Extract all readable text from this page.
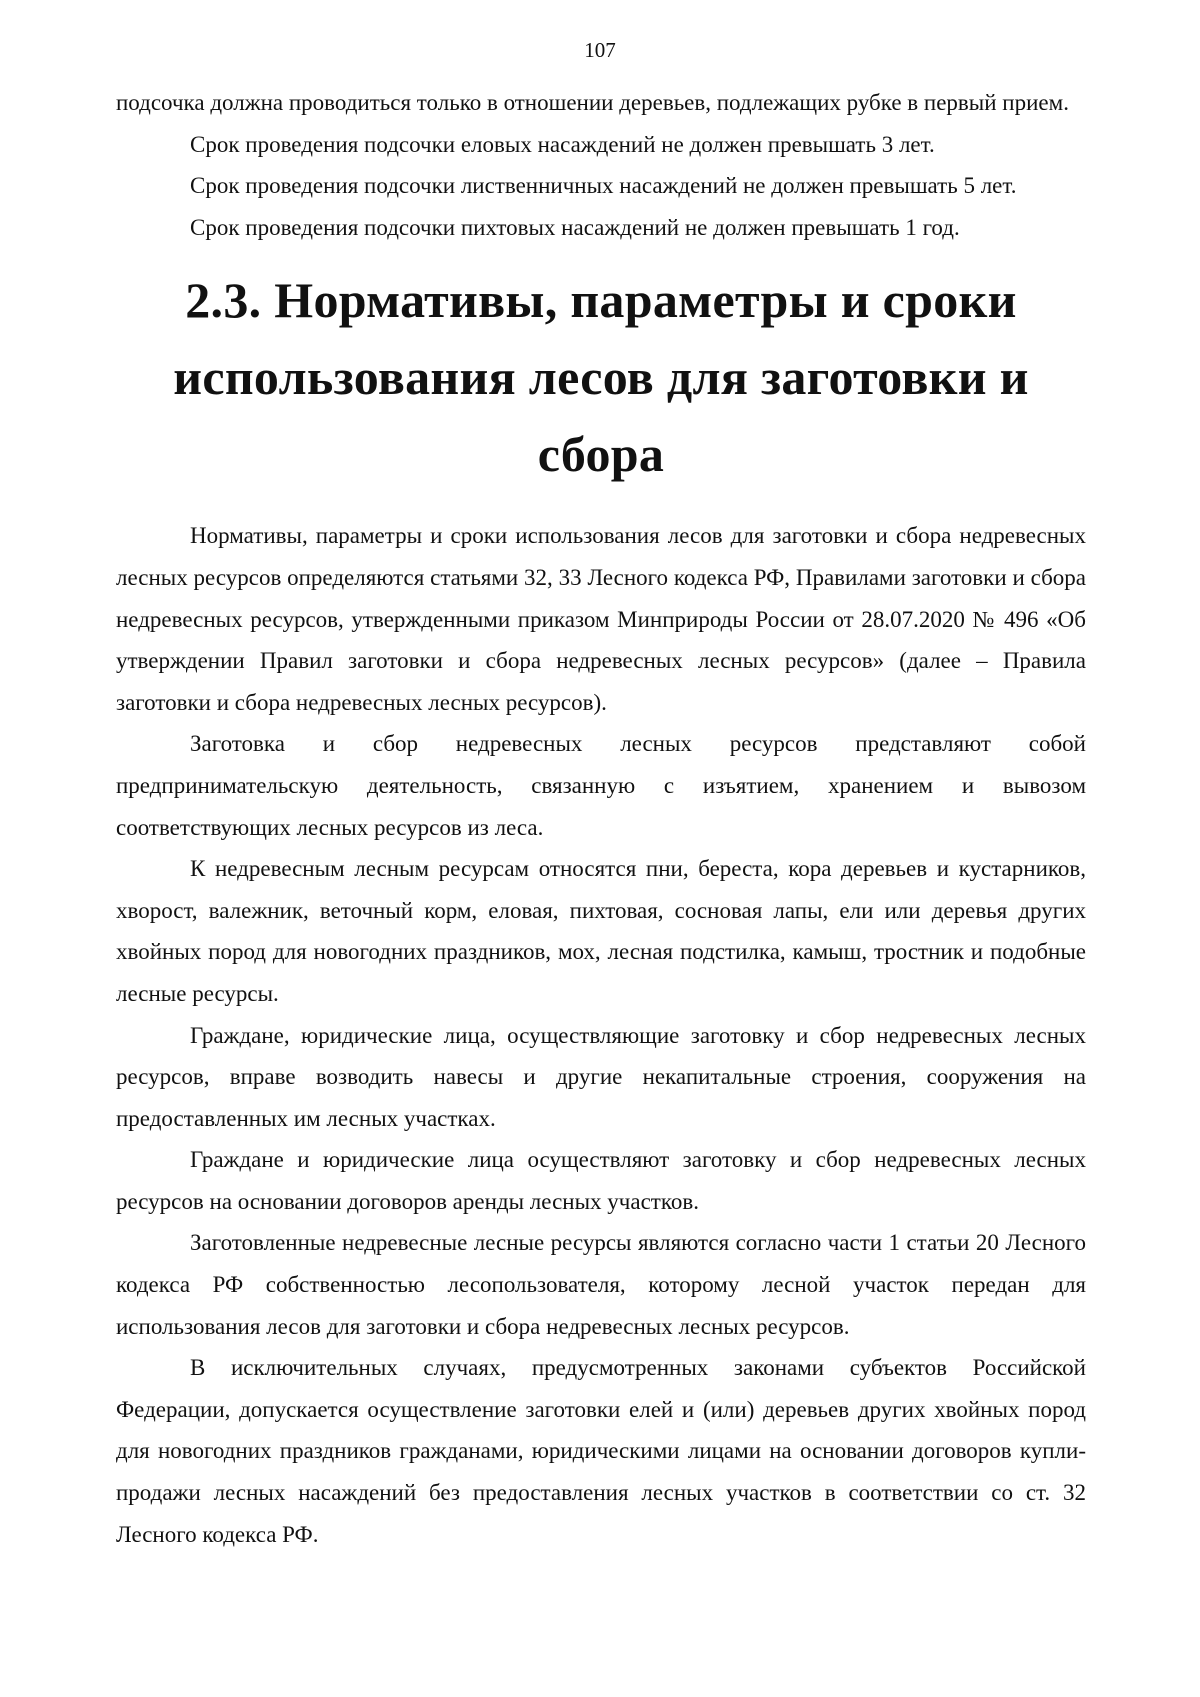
107

подсочка должна проводиться только в отношении деревьев, подлежащих рубке в первый прием.

Срок проведения подсочки еловых насаждений не должен превышать 3 лет.

Срок проведения подсочки лиственничных насаждений не должен превышать 5 лет.

Срок проведения подсочки пихтовых насаждений не должен превышать 1 год.

2.3. Нормативы, параметры и сроки
использования лесов для заготовки и сбора

Нормативы, параметры и сроки использования лесов для заготовки и сбора недревесных лесных ресурсов определяются статьями 32, 33 Лесного кодекса РФ, Правилами заготовки и сбора недревесных ресурсов, утвержденными приказом Минприроды России от 28.07.2020 № 496 «Об утверждении Правил заготовки и сбора недревесных лесных ресурсов» (далее – Правила заготовки и сбора недревесных лесных ресурсов).

Заготовка и сбор недревесных лесных ресурсов представляют собой предпринимательскую деятельность, связанную с изъятием, хранением и вывозом соответствующих лесных ресурсов из леса.

К недревесным лесным ресурсам относятся пни, береста, кора деревьев и кустарников, хворост, валежник, веточный корм, еловая, пихтовая, сосновая лапы, ели или деревья других хвойных пород для новогодних праздников, мох, лесная подстилка, камыш, тростник и подобные лесные ресурсы.

Граждане, юридические лица, осуществляющие заготовку и сбор недревесных лесных ресурсов, вправе возводить навесы и другие некапитальные строения, сооружения на предоставленных им лесных участках.

Граждане и юридические лица осуществляют заготовку и сбор недревесных лесных ресурсов на основании договоров аренды лесных участков.

Заготовленные недревесные лесные ресурсы являются согласно части 1 статьи 20 Лесного кодекса РФ собственностью лесопользователя, которому лесной участок передан для использования лесов для заготовки и сбора недревесных лесных ресурсов.

В исключительных случаях, предусмотренных законами субъектов Российской Федерации, допускается осуществление заготовки елей и (или) деревьев других хвойных пород для новогодних праздников гражданами, юридическими лицами на основании договоров купли-продажи лесных насаждений без предоставления лесных участков в соответствии со ст. 32 Лесного кодекса РФ.
